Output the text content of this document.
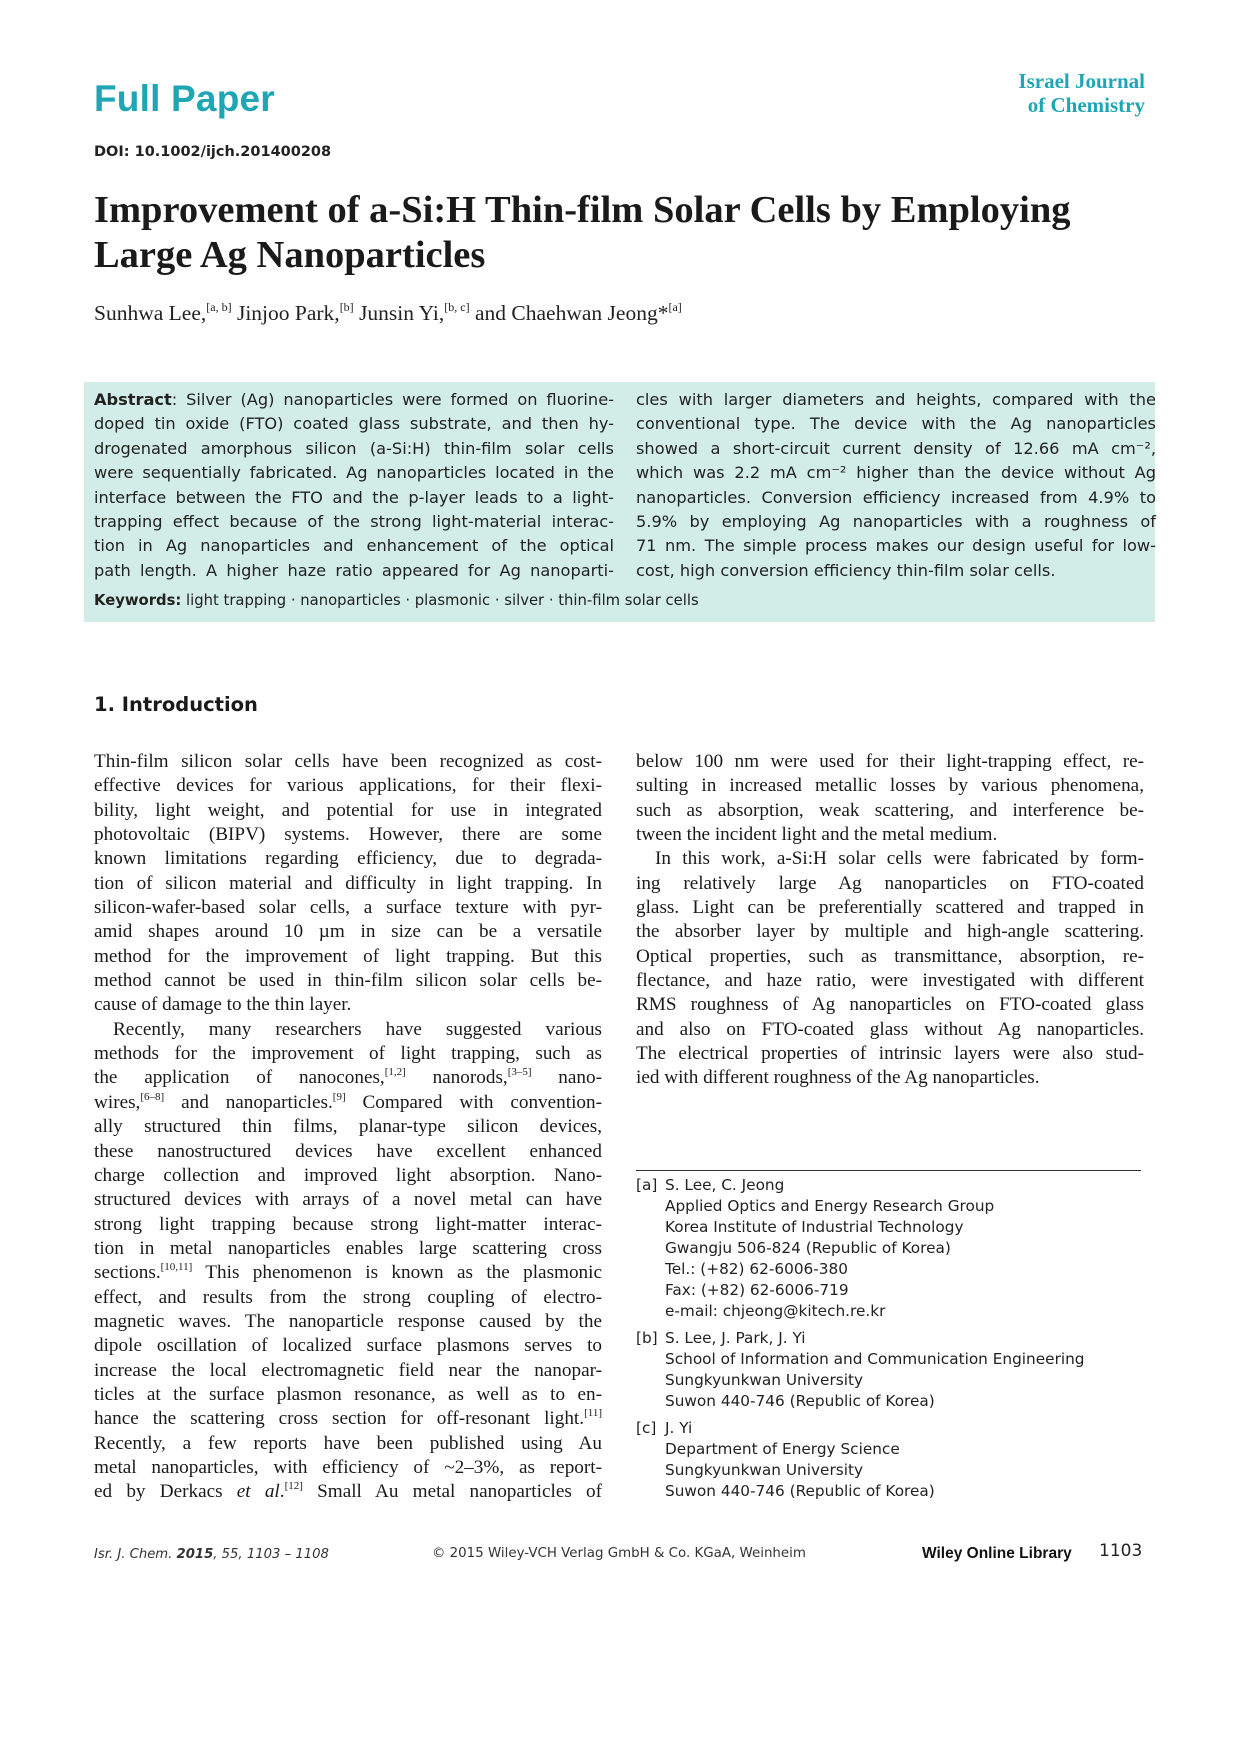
Full Paper	Israel Journal
of Chemistry
DOI: 10.1002/ijch.201400208
Improvement of a-Si:H Thin-film Solar Cells by Employing
Large Ag Nanoparticles
Sunhwa Lee,[a, b] Jinjoo Park,[b] Junsin Yi,[b, c] and Chaehwan Jeong*[a]
Abstract: Silver (Ag) nanoparticles were formed on fluorine-
doped tin oxide (FTO) coated glass substrate, and then hy-
drogenated amorphous silicon (a-Si:H) thin-film solar cells
were sequentially fabricated. Ag nanoparticles located in the
interface between the FTO and the p-layer leads to a light-
trapping effect because of the strong light-material interac-
tion in Ag nanoparticles and enhancement of the optical
path length. A higher haze ratio appeared for Ag nanoparti-
cles with larger diameters and heights, compared with the
conventional type. The device with the Ag nanoparticles
showed a short-circuit current density of 12.66 mA cm⁻²,
which was 2.2 mA cm⁻² higher than the device without Ag
nanoparticles. Conversion efficiency increased from 4.9% to
5.9% by employing Ag nanoparticles with a roughness of
71 nm. The simple process makes our design useful for low-
cost, high conversion efficiency thin-film solar cells.
Keywords: light trapping · nanoparticles · plasmonic · silver · thin-film solar cells
1. Introduction
Thin-film silicon solar cells have been recognized as cost-
effective devices for various applications, for their flexi-
bility, light weight, and potential for use in integrated
photovoltaic (BIPV) systems. However, there are some
known limitations regarding efficiency, due to degrada-
tion of silicon material and difficulty in light trapping. In
silicon-wafer-based solar cells, a surface texture with pyr-
amid shapes around 10 µm in size can be a versatile
method for the improvement of light trapping. But this
method cannot be used in thin-film silicon solar cells be-
cause of damage to the thin layer.
Recently, many researchers have suggested various
methods for the improvement of light trapping, such as
the application of nanocones,[1,2] nanorods,[3–5] nano-
wires,[6–8] and nanoparticles.[9] Compared with convention-
ally structured thin films, planar-type silicon devices,
these nanostructured devices have excellent enhanced
charge collection and improved light absorption. Nano-
structured devices with arrays of a novel metal can have
strong light trapping because strong light-matter interac-
tion in metal nanoparticles enables large scattering cross
sections.[10,11] This phenomenon is known as the plasmonic
effect, and results from the strong coupling of electro-
magnetic waves. The nanoparticle response caused by the
dipole oscillation of localized surface plasmons serves to
increase the local electromagnetic field near the nanopar-
ticles at the surface plasmon resonance, as well as to en-
hance the scattering cross section for off-resonant light.[11]
Recently, a few reports have been published using Au
metal nanoparticles, with efficiency of ~2–3%, as report-
ed by Derkacs et al.[12] Small Au metal nanoparticles of
below 100 nm were used for their light-trapping effect, re-
sulting in increased metallic losses by various phenomena,
such as absorption, weak scattering, and interference be-
tween the incident light and the metal medium.
In this work, a-Si:H solar cells were fabricated by form-
ing relatively large Ag nanoparticles on FTO-coated
glass. Light can be preferentially scattered and trapped in
the absorber layer by multiple and high-angle scattering.
Optical properties, such as transmittance, absorption, re-
flectance, and haze ratio, were investigated with different
RMS roughness of Ag nanoparticles on FTO-coated glass
and also on FTO-coated glass without Ag nanoparticles.
The electrical properties of intrinsic layers were also stud-
ied with different roughness of the Ag nanoparticles.
[a] S. Lee, C. Jeong
Applied Optics and Energy Research Group
Korea Institute of Industrial Technology
Gwangju 506-824 (Republic of Korea)
Tel.: (+82) 62-6006-380
Fax: (+82) 62-6006-719
e-mail: chjeong@kitech.re.kr
[b] S. Lee, J. Park, J. Yi
School of Information and Communication Engineering
Sungkyunkwan University
Suwon 440-746 (Republic of Korea)
[c] J. Yi
Department of Energy Science
Sungkyunkwan University
Suwon 440-746 (Republic of Korea)
Isr. J. Chem. 2015, 55, 1103 – 1108	© 2015 Wiley-VCH Verlag GmbH & Co. KGaA, Weinheim	Wiley Online Library 1103
